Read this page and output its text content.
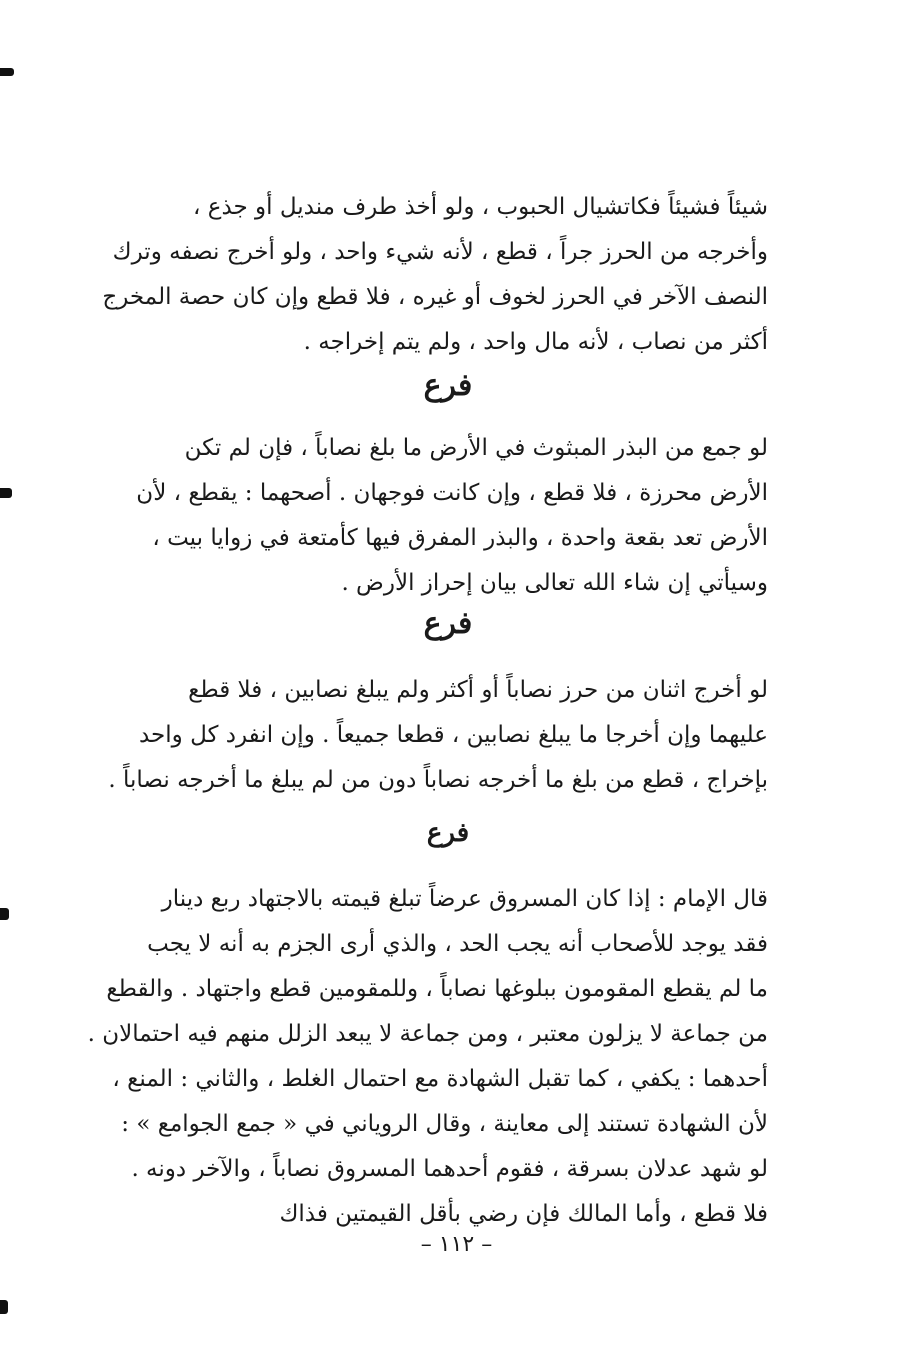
شيئاً فشيئاً فكاتشيال الحبوب ، ولو أخذ طرف منديل أو جذع ،
وأخرجه من الحرز جراً ، قطع ، لأنه شيء واحد ، ولو أخرج نصفه وترك
النصف الآخر في الحرز لخوف أو غيره ، فلا قطع وإن كان حصة المخرج
أكثر من نصاب ، لأنه مال واحد ، ولم يتم إخراجه .

فرع

لو جمع من البذر المبثوث في الأرض ما بلغ نصاباً ، فإن لم تكن
الأرض محرزة ، فلا قطع ، وإن كانت فوجهان . أصحهما : يقطع ، لأن
الأرض تعد بقعة واحدة ، والبذر المفرق فيها كأمتعة في زوايا بيت ،
وسيأتي إن شاء الله تعالى بيان إحراز الأرض .

فرع

لو أخرج اثنان من حرز نصاباً أو أكثر ولم يبلغ نصابين ، فلا قطع
عليهما وإن أخرجا ما يبلغ نصابين ، قطعا جميعاً . وإن انفرد كل واحد
بإخراج ، قطع من بلغ ما أخرجه نصاباً دون من لم يبلغ ما أخرجه نصاباً .

فرع

قال الإمام : إذا كان المسروق عرضاً تبلغ قيمته بالاجتهاد ربع دينار
فقد يوجد للأصحاب أنه يجب الحد ، والذي أرى الجزم به أنه لا يجب
ما لم يقطع المقومون ببلوغها نصاباً ، وللمقومين قطع واجتهاد . والقطع
من جماعة لا يزلون معتبر ، ومن جماعة لا يبعد الزلل منهم فيه احتمالان .
أحدهما : يكفي ، كما تقبل الشهادة مع احتمال الغلط ، والثاني : المنع ،
لأن الشهادة تستند إلى معاينة ، وقال الروياني في « جمع الجوامع » :
لو شهد عدلان بسرقة ، فقوم أحدهما المسروق نصاباً ، والآخر دونه .
فلا قطع ، وأما المالك فإن رضي بأقل القيمتين فذاك

– ١١٢ –
